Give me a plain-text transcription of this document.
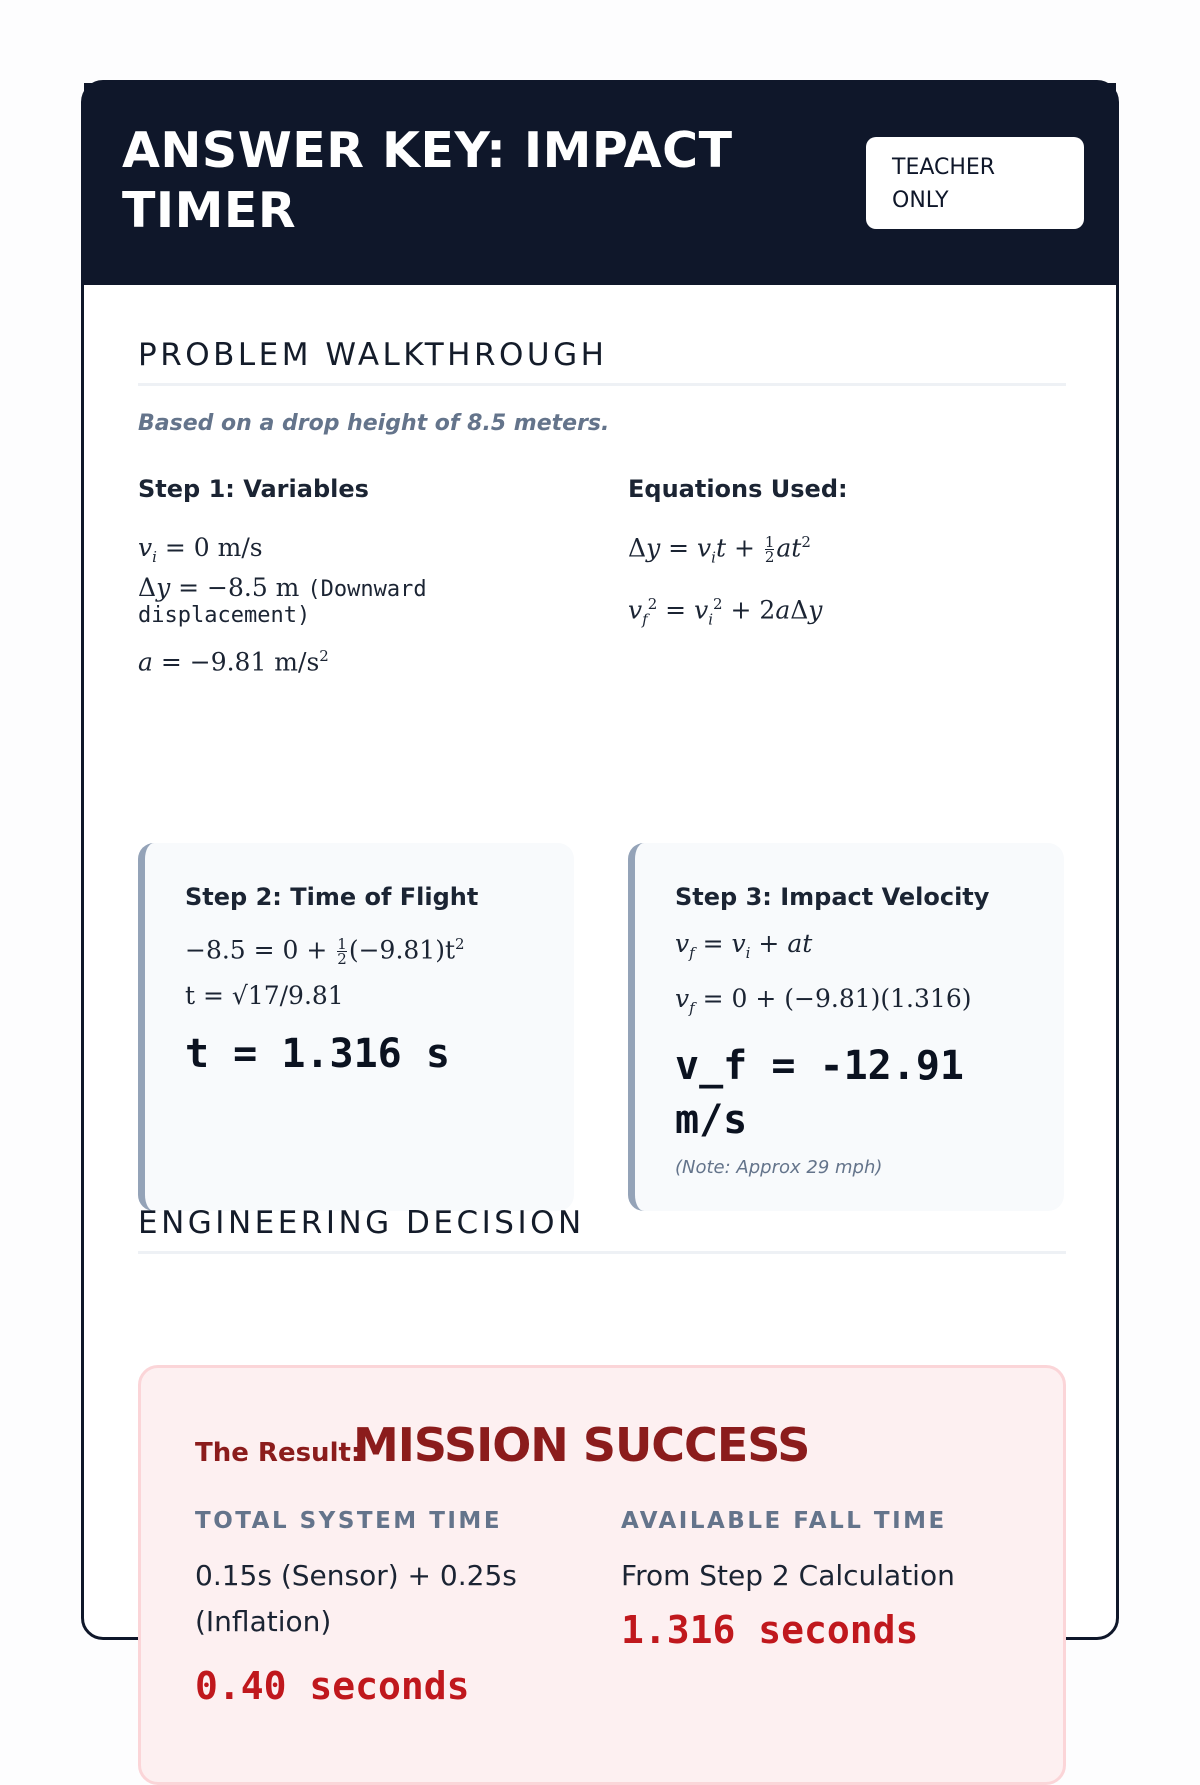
ANSWER KEY: IMPACT TIMER
TEACHER ONLY
PROBLEM WALKTHROUGH
Based on a drop height of 8.5 meters.
Step 1: Variables
$v_i = 0$ m/s
Δy = −8.5 m (Downward
displacement)
a = −9.81 $m/s^2$
Equations Used:
$\Delta y = v_it + \frac{1}{2} at^2$
$v_f^2 = v_i^2 + 2a\Delta y$
Step 2: Time of Flight
$-8.5 = 0 + \frac{1}{2} (-9.81)t^2$
t = √17/9.81
t = 1.316 s
Step 3: Impact Velocity
$v_f = v_i$ + at
$v_f = 0 + (-9.81)(1.316)$
v_f = -12.91 m/s
(Note: Approx 29 mph)
ENGINEERING DECISION
The Result:
MISSION SUCCESS
TOTAL SYSTEM TIME
0.15s (Sensor) + 0.25s (Inflation)
0.40 seconds
AVAILABLE FALL TIME
From Step 2 Calculation
1.316 seconds
